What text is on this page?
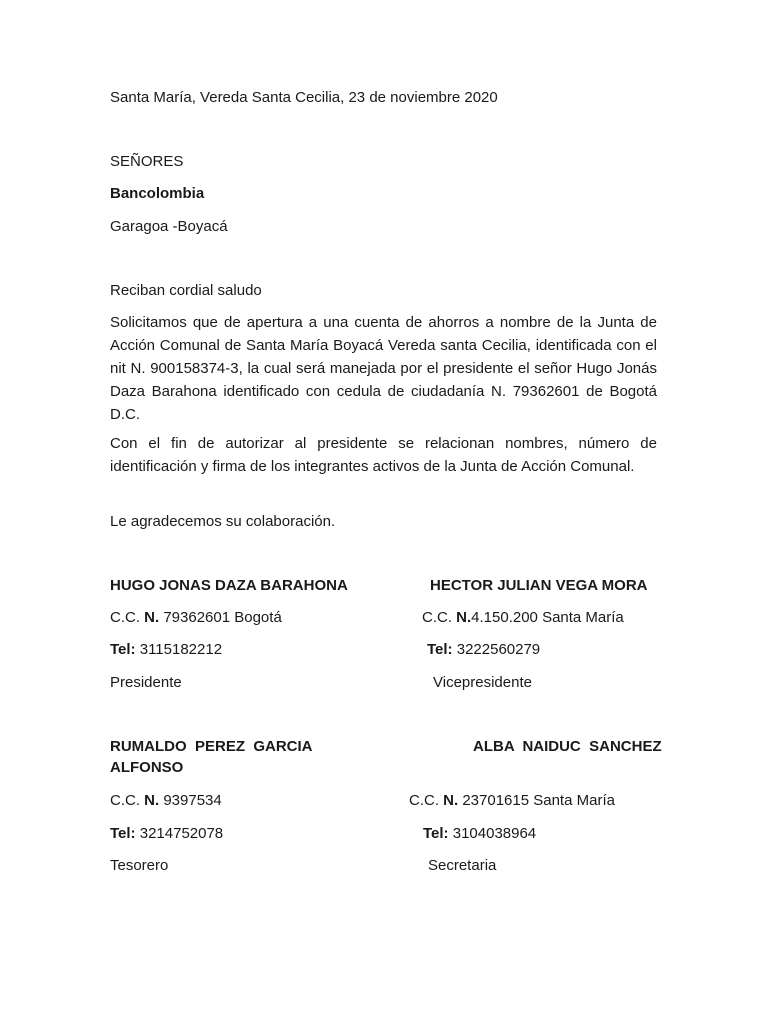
Santa María, Vereda Santa Cecilia, 23 de noviembre 2020
SEÑORES
Bancolombia
Garagoa -Boyacá
Reciban cordial saludo
Solicitamos que de apertura a una cuenta de ahorros a nombre de la Junta de Acción Comunal de Santa María Boyacá Vereda santa Cecilia, identificada con el nit N. 900158374-3, la cual será manejada por el presidente el señor Hugo Jonás Daza Barahona identificado con cedula de ciudadanía N. 79362601 de Bogotá D.C.
Con el fin de autorizar al presidente se relacionan nombres, número de identificación y firma de los integrantes activos de la Junta de Acción Comunal.
Le agradecemos su colaboración.
HUGO JONAS DAZA BARAHONA
C.C. N. 79362601 Bogotá
Tel: 3115182212
Presidente
HECTOR JULIAN VEGA MORA
C.C. N.4.150.200 Santa María
Tel: 3222560279
Vicepresidente
RUMALDO  PEREZ  GARCIA
ALFONSO
C.C. N. 9397534
Tel: 3214752078
Tesorero
ALBA  NAIDUC  SANCHEZ
C.C. N. 23701615 Santa María
Tel: 3104038964
Secretaria
